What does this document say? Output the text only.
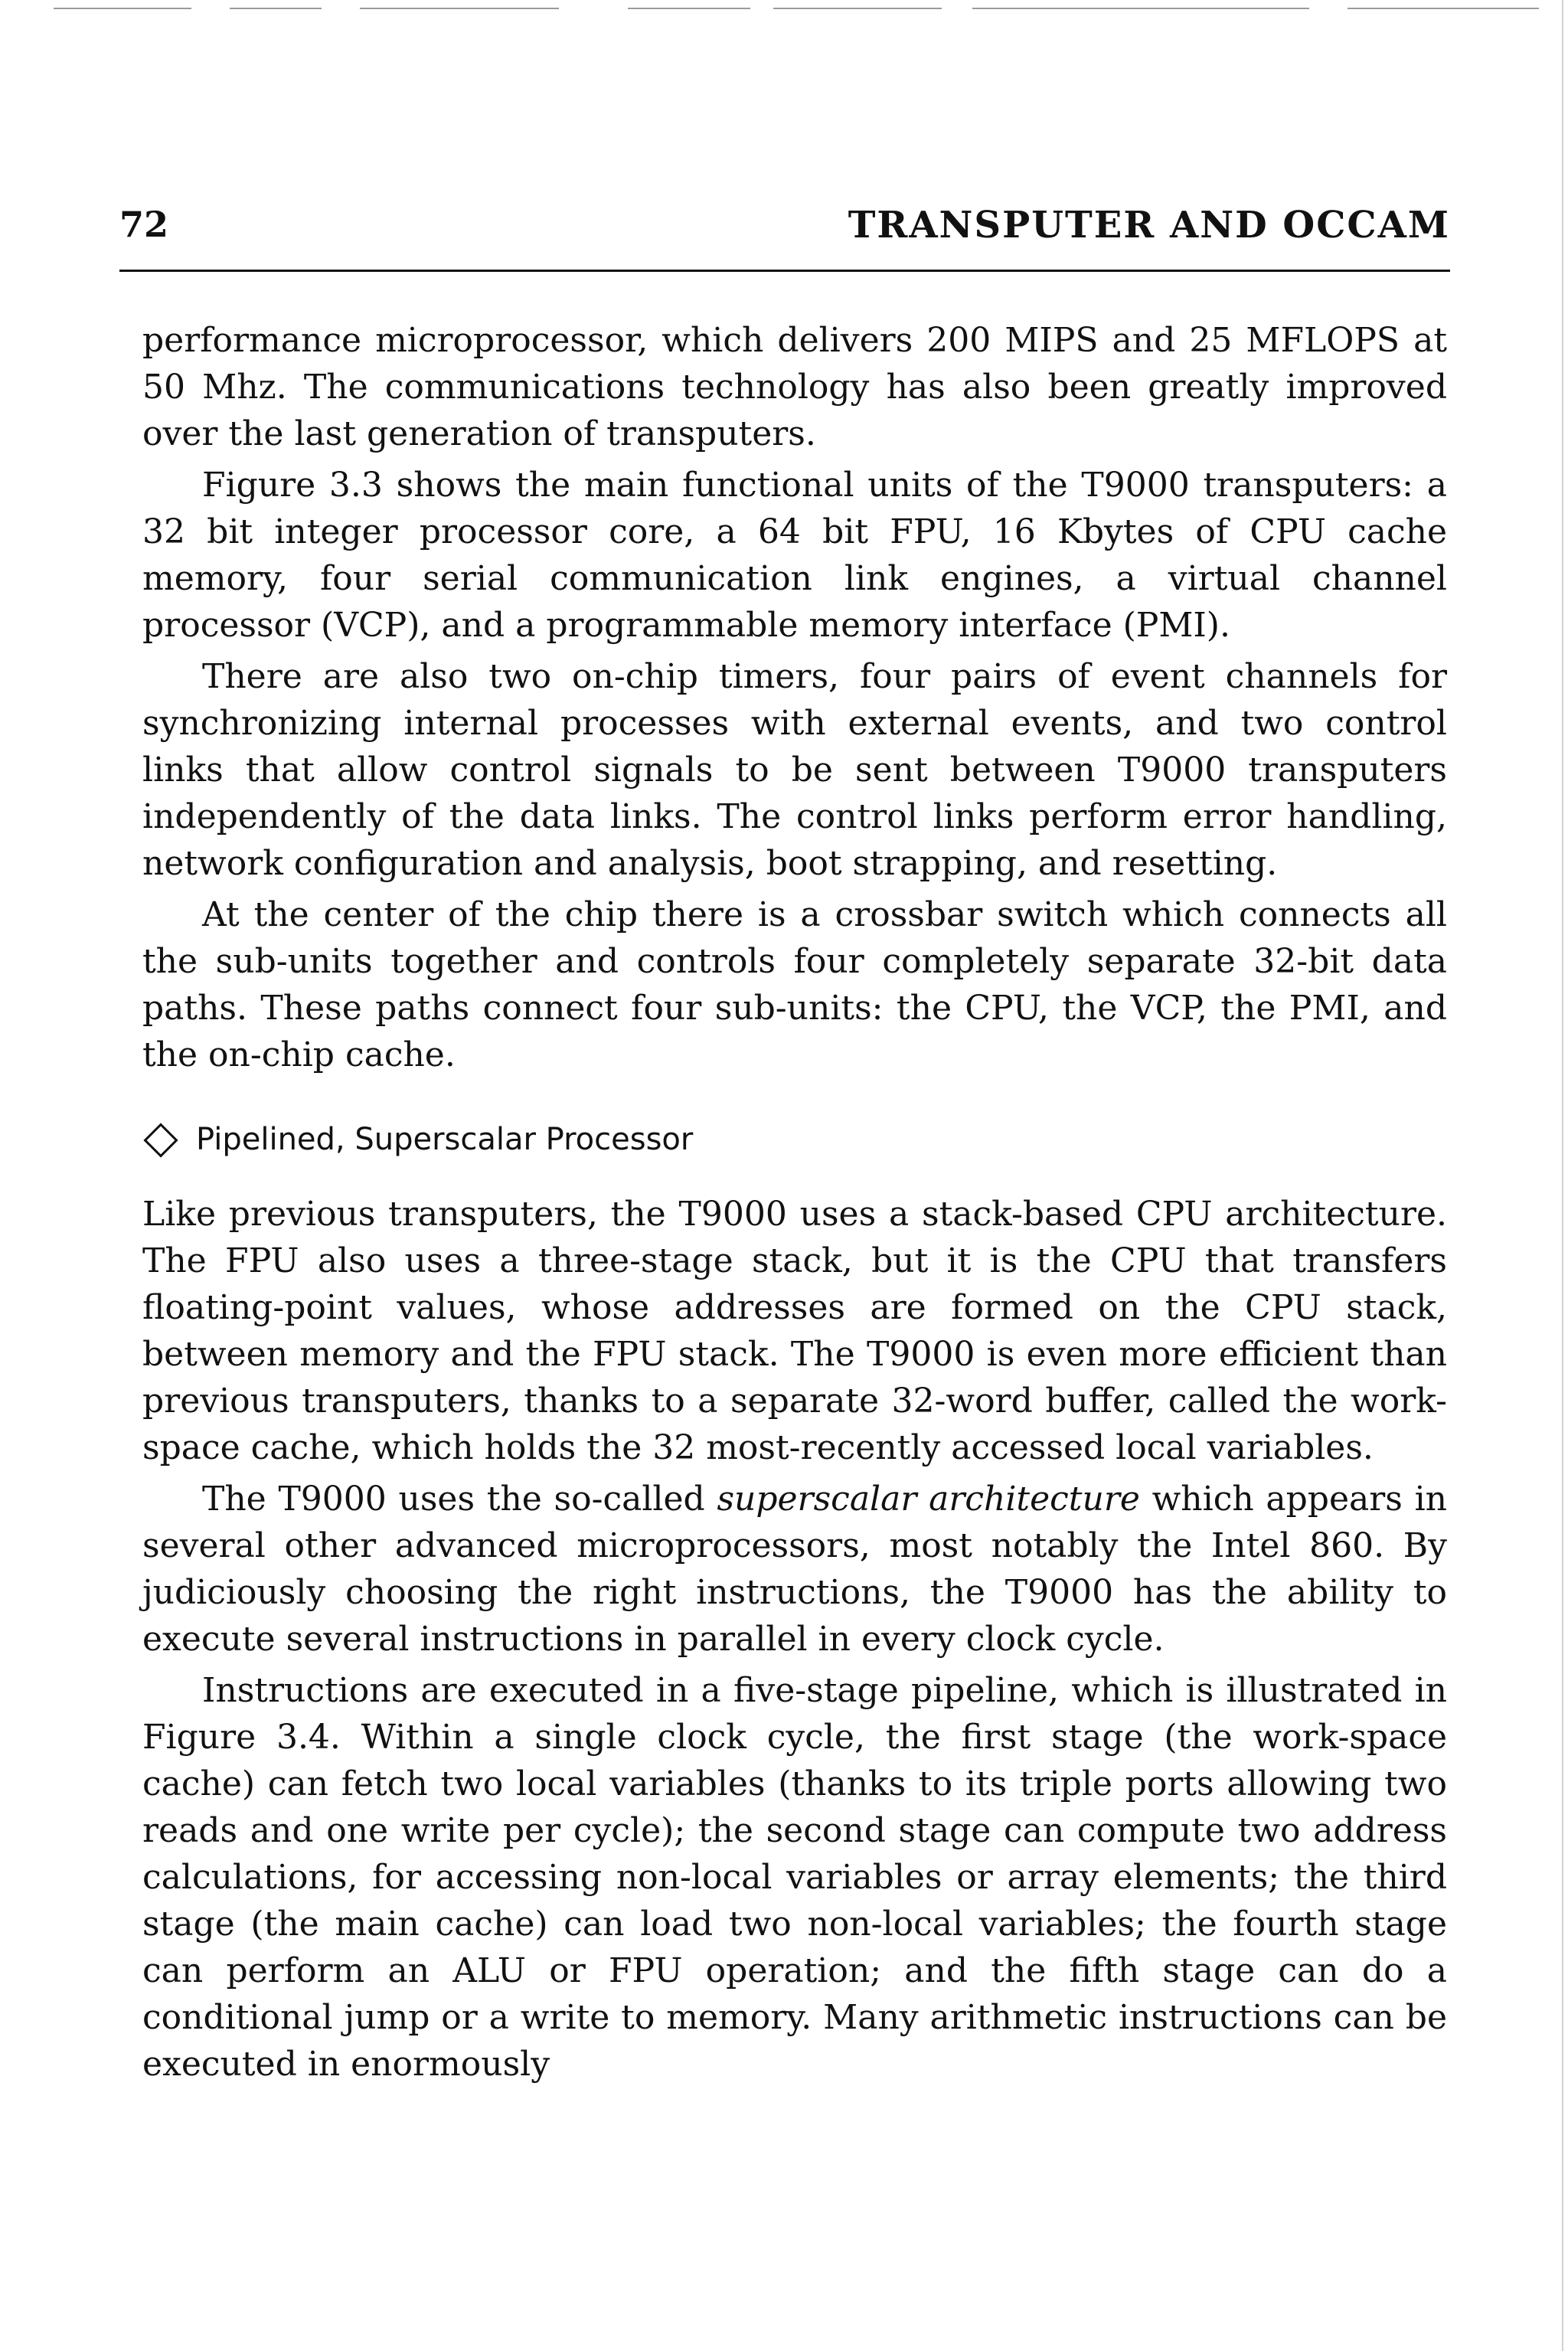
72	TRANSPUTER AND OCCAM

performance microprocessor, which delivers 200 MIPS and 25 MFLOPS at 50 Mhz. The communications technology has also been greatly improved over the last generation of transputers.

Figure 3.3 shows the main functional units of the T9000 transputers: a 32 bit integer processor core, a 64 bit FPU, 16 Kbytes of CPU cache memory, four serial communication link engines, a virtual channel processor (VCP), and a programmable memory interface (PMI).

There are also two on-chip timers, four pairs of event channels for synchronizing internal processes with external events, and two control links that allow control signals to be sent between T9000 transputers independently of the data links. The control links perform error handling, network configuration and analysis, boot strapping, and resetting.

At the center of the chip there is a crossbar switch which connects all the sub-units together and controls four completely separate 32-bit data paths. These paths connect four sub-units: the CPU, the VCP, the PMI, and the on-chip cache.

Pipelined, Superscalar Processor

Like previous transputers, the T9000 uses a stack-based CPU architecture. The FPU also uses a three-stage stack, but it is the CPU that transfers floating-point values, whose addresses are formed on the CPU stack, between memory and the FPU stack. The T9000 is even more efficient than previous transputers, thanks to a separate 32-word buffer, called the work-space cache, which holds the 32 most-recently accessed local variables.

The T9000 uses the so-called superscalar architecture which appears in several other advanced microprocessors, most notably the Intel 860. By judiciously choosing the right instructions, the T9000 has the ability to execute several instructions in parallel in every clock cycle.

Instructions are executed in a five-stage pipeline, which is illustrated in Figure 3.4. Within a single clock cycle, the first stage (the work-space cache) can fetch two local variables (thanks to its triple ports allowing two reads and one write per cycle); the second stage can compute two address calculations, for accessing non-local variables or array elements; the third stage (the main cache) can load two non-local variables; the fourth stage can perform an ALU or FPU operation; and the fifth stage can do a conditional jump or a write to memory. Many arithmetic instructions can be executed in enormously
